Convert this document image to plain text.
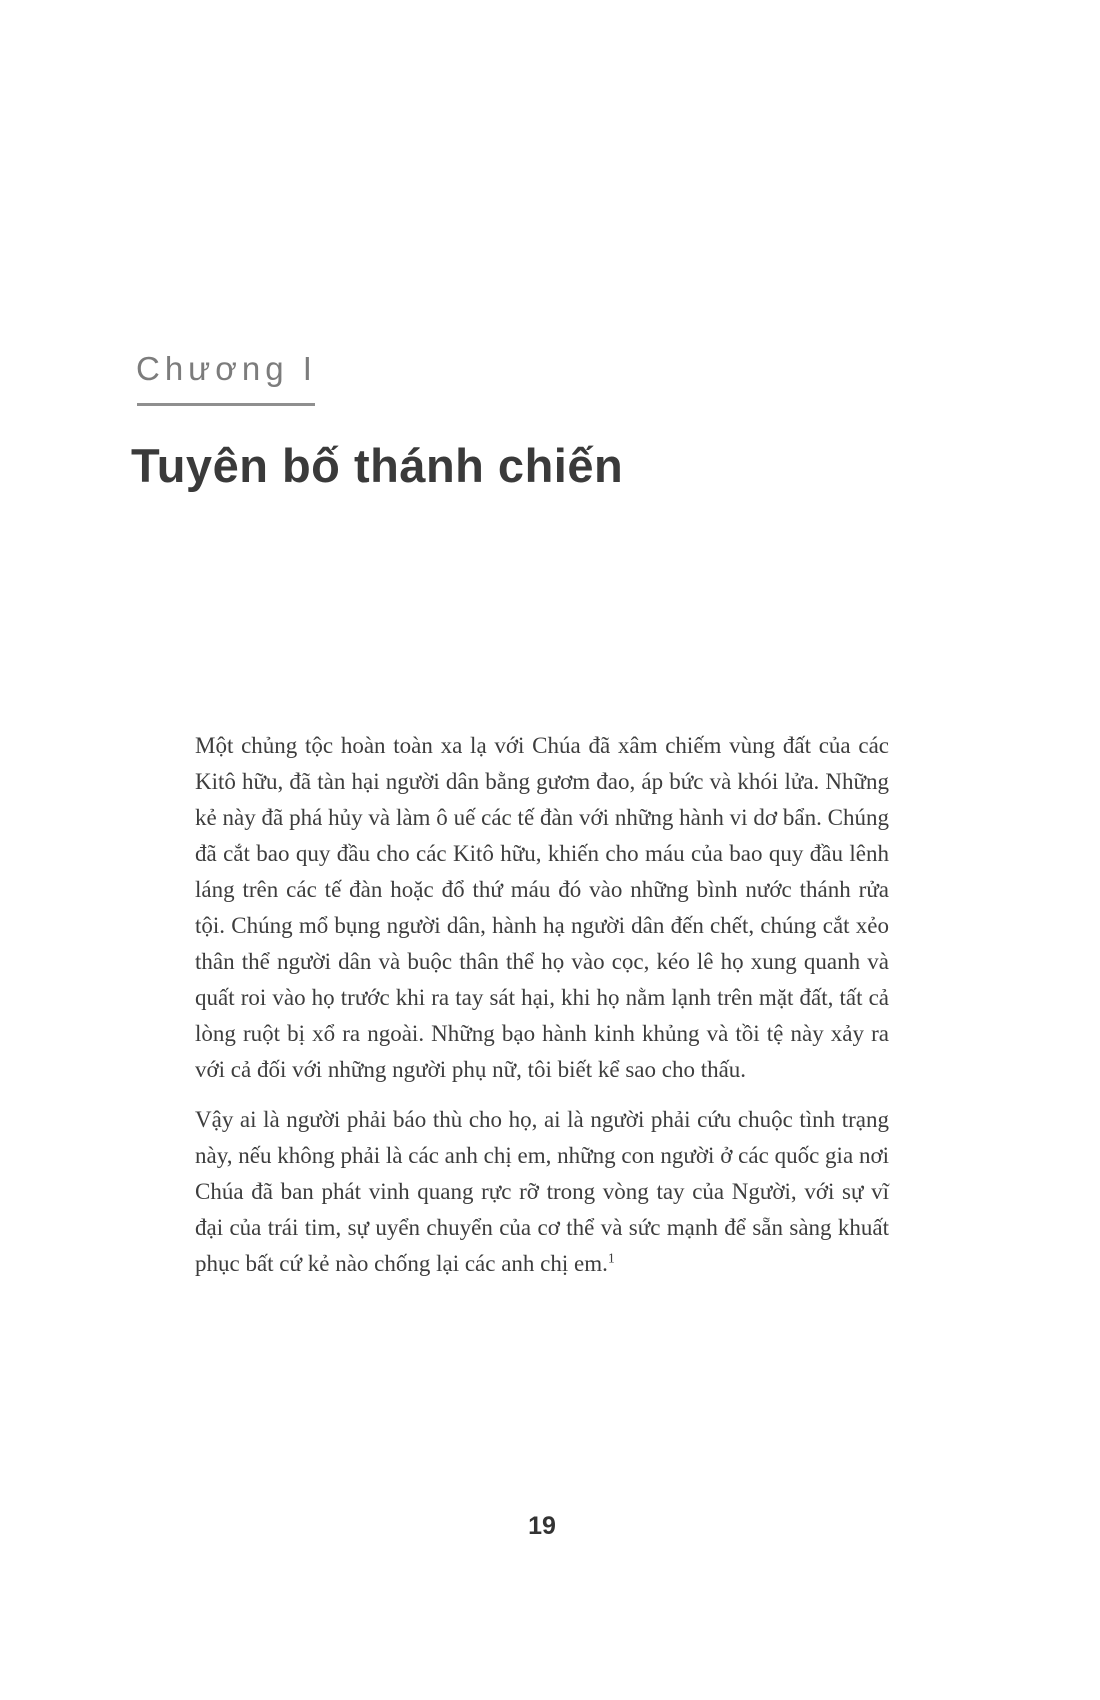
Chương I
Tuyên bố thánh chiến

Một chủng tộc hoàn toàn xa lạ với Chúa đã xâm chiếm vùng đất của các Kitô hữu, đã tàn hại người dân bằng gươm đao, áp bức và khói lửa. Những kẻ này đã phá hủy và làm ô uế các tế đàn với những hành vi dơ bẩn. Chúng đã cắt bao quy đầu cho các Kitô hữu, khiến cho máu của bao quy đầu lênh láng trên các tế đàn hoặc đổ thứ máu đó vào những bình nước thánh rửa tội. Chúng mổ bụng người dân, hành hạ người dân đến chết, chúng cắt xẻo thân thể người dân và buộc thân thể họ vào cọc, kéo lê họ xung quanh và quất roi vào họ trước khi ra tay sát hại, khi họ nằm lạnh trên mặt đất, tất cả lòng ruột bị xổ ra ngoài. Những bạo hành kinh khủng và tồi tệ này xảy ra với cả đối với những người phụ nữ, tôi biết kể sao cho thấu.

Vậy ai là người phải báo thù cho họ, ai là người phải cứu chuộc tình trạng này, nếu không phải là các anh chị em, những con người ở các quốc gia nơi Chúa đã ban phát vinh quang rực rỡ trong vòng tay của Người, với sự vĩ đại của trái tim, sự uyển chuyển của cơ thể và sức mạnh để sẵn sàng khuất phục bất cứ kẻ nào chống lại các anh chị em.$^1$

19
